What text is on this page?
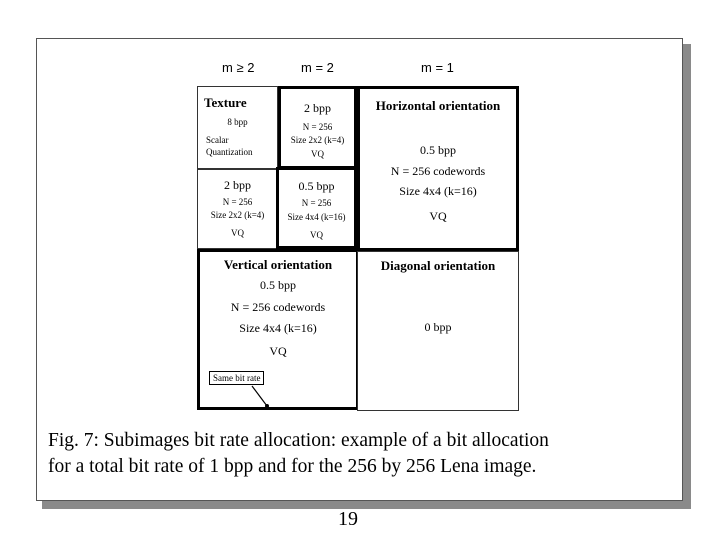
m ≥ 2	m = 2	m = 1
Texture
8 bpp
Scalar
Quantization
2 bpp
N = 256
Size 2x2 (k=4)
VQ
2 bpp
N = 256
Size 2x2 (k=4)
VQ
0.5 bpp
N = 256
Size 4x4 (k=16)
VQ
Horizontal orientation
0.5 bpp
N = 256 codewords
Size 4x4 (k=16)
VQ
Vertical orientation
0.5 bpp
N = 256 codewords
Size 4x4 (k=16)
VQ
Diagonal orientation
0 bpp
Same bit rate
Fig. 7: Subimages bit rate allocation: example of a bit allocation
for a total bit rate of 1 bpp and for the 256 by 256 Lena image.
19
